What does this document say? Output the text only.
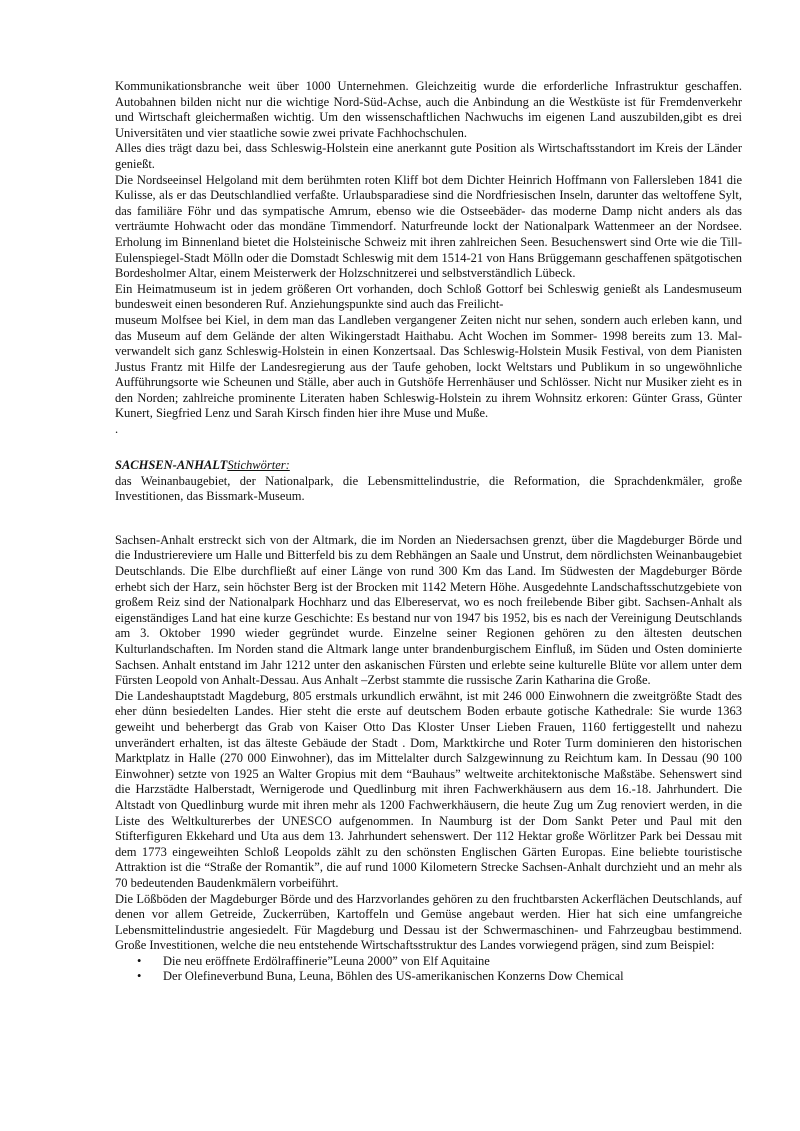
Kommunikationsbranche weit über 1000 Unternehmen. Gleichzeitig wurde die erforderliche Infrastruktur geschaffen. Autobahnen bilden nicht nur die wichtige Nord-Süd-Achse, auch die Anbindung an die Westküste ist für Fremdenverkehr und Wirtschaft gleichermaßen wichtig. Um den wissenschaftlichen Nachwuchs im eigenen Land auszubilden,gibt es drei Universitäten und vier staatliche sowie zwei private Fachhochschulen.

Alles dies trägt dazu bei, dass Schleswig-Holstein eine anerkannt gute Position als Wirtschaftsstandort im Kreis der Länder genießt.

Die Nordseeinsel Helgoland mit dem berühmten roten Kliff bot dem Dichter Heinrich Hoffmann von Fallersleben 1841 die Kulisse, als er das Deutschlandlied verfaßte. Urlaubsparadiese sind die Nordfriesischen Inseln, darunter das weltoffene Sylt, das familiäre Föhr und das sympatische Amrum, ebenso wie die Ostseebäder- das moderne Damp nicht anders als das verträumte Hohwacht oder das mondäne Timmendorf. Naturfreunde lockt der Nationalpark Wattenmeer an der Nordsee. Erholung im Binnenland bietet die Holsteinische Schweiz mit ihren zahlreichen Seen. Besuchenswert sind Orte wie die Till-Eulenspiegel-Stadt Mölln oder die Domstadt Schleswig mit dem 1514-21 von Hans Brüggemann geschaffenen spätgotischen Bordesholmer Altar, einem Meisterwerk der Holzschnitzerei und selbstverständlich Lübeck.

Ein Heimatmuseum ist in jedem größeren Ort vorhanden, doch Schloß Gottorf bei Schleswig genießt als Landesmuseum bundesweit einen besonderen Ruf. Anziehungspunkte sind auch das Freilicht-

museum Molfsee bei Kiel, in dem man das Landleben vergangener Zeiten nicht nur sehen, sondern auch erleben kann, und das Museum auf dem Gelände der alten Wikingerstadt Haithabu. Acht Wochen im Sommer- 1998 bereits zum 13. Mal- verwandelt sich ganz Schleswig-Holstein in einen Konzertsaal. Das Schleswig-Holstein Musik Festival, von dem Pianisten Justus Frantz mit Hilfe der Landesregierung aus der Taufe gehoben, lockt Weltstars und Publikum in so ungewöhnliche Aufführungsorte wie Scheunen und Ställe, aber auch in Gutshöfe Herrenhäuser und Schlösser. Nicht nur Musiker zieht es in den Norden; zahlreiche prominente Literaten haben Schleswig-Holstein zu ihrem Wohnsitz erkoren: Günter Grass, Günter Kunert, Siegfried Lenz und Sarah Kirsch finden hier ihre Muse und Muße.

.

SACHSEN-ANHALTStichwörter:

das Weinanbaugebiet, der Nationalpark, die Lebensmittelindustrie, die Reformation, die Sprachdenkmäler, große Investitionen, das Bissmark-Museum.

Sachsen-Anhalt erstreckt sich von der Altmark, die im Norden an Niedersachsen grenzt, über die Magdeburger Börde und die Industriereviere um Halle und Bitterfeld bis zu dem Rebhängen an Saale und Unstrut, dem nördlichsten Weinanbaugebiet Deutschlands. Die Elbe durchfließt auf einer Länge von rund 300 Km das Land. Im Südwesten der Magdeburger Börde erhebt sich der Harz, sein höchster Berg ist der Brocken mit 1142 Metern Höhe. Ausgedehnte Landschaftsschutzgebiete von großem Reiz sind der Nationalpark Hochharz und das Elbereservat, wo es noch freilebende Biber gibt. Sachsen-Anhalt als eigenständiges Land hat eine kurze Geschichte: Es bestand nur von 1947 bis 1952, bis es nach der Vereinigung Deutschlands am 3. Oktober 1990 wieder gegründet wurde. Einzelne seiner Regionen gehören zu den ältesten deutschen Kulturlandschaften. Im Norden stand die Altmark lange unter brandenburgischem Einfluß, im Süden und Osten dominierte Sachsen. Anhalt entstand im Jahr 1212 unter den askanischen Fürsten und erlebte seine kulturelle Blüte vor allem unter dem Fürsten Leopold von Anhalt-Dessau. Aus Anhalt –Zerbst stammte die russische Zarin Katharina die Große.

Die Landeshauptstadt Magdeburg, 805 erstmals urkundlich erwähnt, ist mit 246 000 Einwohnern die zweitgrößte Stadt des eher dünn besiedelten Landes. Hier steht die erste auf deutschem Boden erbaute gotische Kathedrale: Sie wurde 1363 geweiht und beherbergt das Grab von Kaiser Otto Das Kloster Unser Lieben Frauen, 1160 fertiggestellt und nahezu unverändert erhalten, ist das älteste Gebäude der Stadt . Dom, Marktkirche und Roter Turm dominieren den historischen Marktplatz in Halle (270 000 Einwohner), das im Mittelalter durch Salzgewinnung zu Reichtum kam. In Dessau (90 100 Einwohner) setzte von 1925 an Walter Gropius mit dem “Bauhaus” weltweite architektonische Maßstäbe. Sehenswert sind die Harzstädte Halberstadt, Wernigerode und Quedlinburg mit ihren Fachwerkhäusern aus dem 16.-18. Jahrhundert. Die Altstadt von Quedlinburg wurde mit ihren mehr als 1200 Fachwerkhäusern, die heute Zug um Zug renoviert werden, in die Liste des Weltkulturerbes der UNESCO aufgenommen. In Naumburg ist der Dom Sankt Peter und Paul mit den Stifterfiguren Ekkehard und Uta aus dem 13. Jahrhundert sehenswert. Der 112 Hektar große Wörlitzer Park bei Dessau mit dem 1773 eingeweihten Schloß Leopolds zählt zu den schönsten Englischen Gärten Europas. Eine beliebte touristische Attraktion ist die “Straße der Romantik”, die auf rund 1000 Kilometern Strecke Sachsen-Anhalt durchzieht und an mehr als 70 bedeutenden Baudenkmälern vorbeiführt.

Die Lößböden der Magdeburger Börde und des Harzvorlandes gehören zu den fruchtbarsten Ackerflächen Deutschlands, auf denen vor allem Getreide, Zuckerrüben, Kartoffeln und Gemüse angebaut werden. Hier hat sich eine umfangreiche Lebensmittelindustrie angesiedelt. Für Magdeburg und Dessau ist der Schwermaschinen- und Fahrzeugbau bestimmend. Große Investitionen, welche die neu entstehende Wirtschaftsstruktur des Landes vorwiegend prägen, sind zum Beispiel:

• Die neu eröffnete Erdölraffinerie”Leuna 2000” von Elf Aquitaine
• Der Olefineverbund Buna, Leuna, Böhlen des US-amerikanischen Konzerns Dow Chemical
